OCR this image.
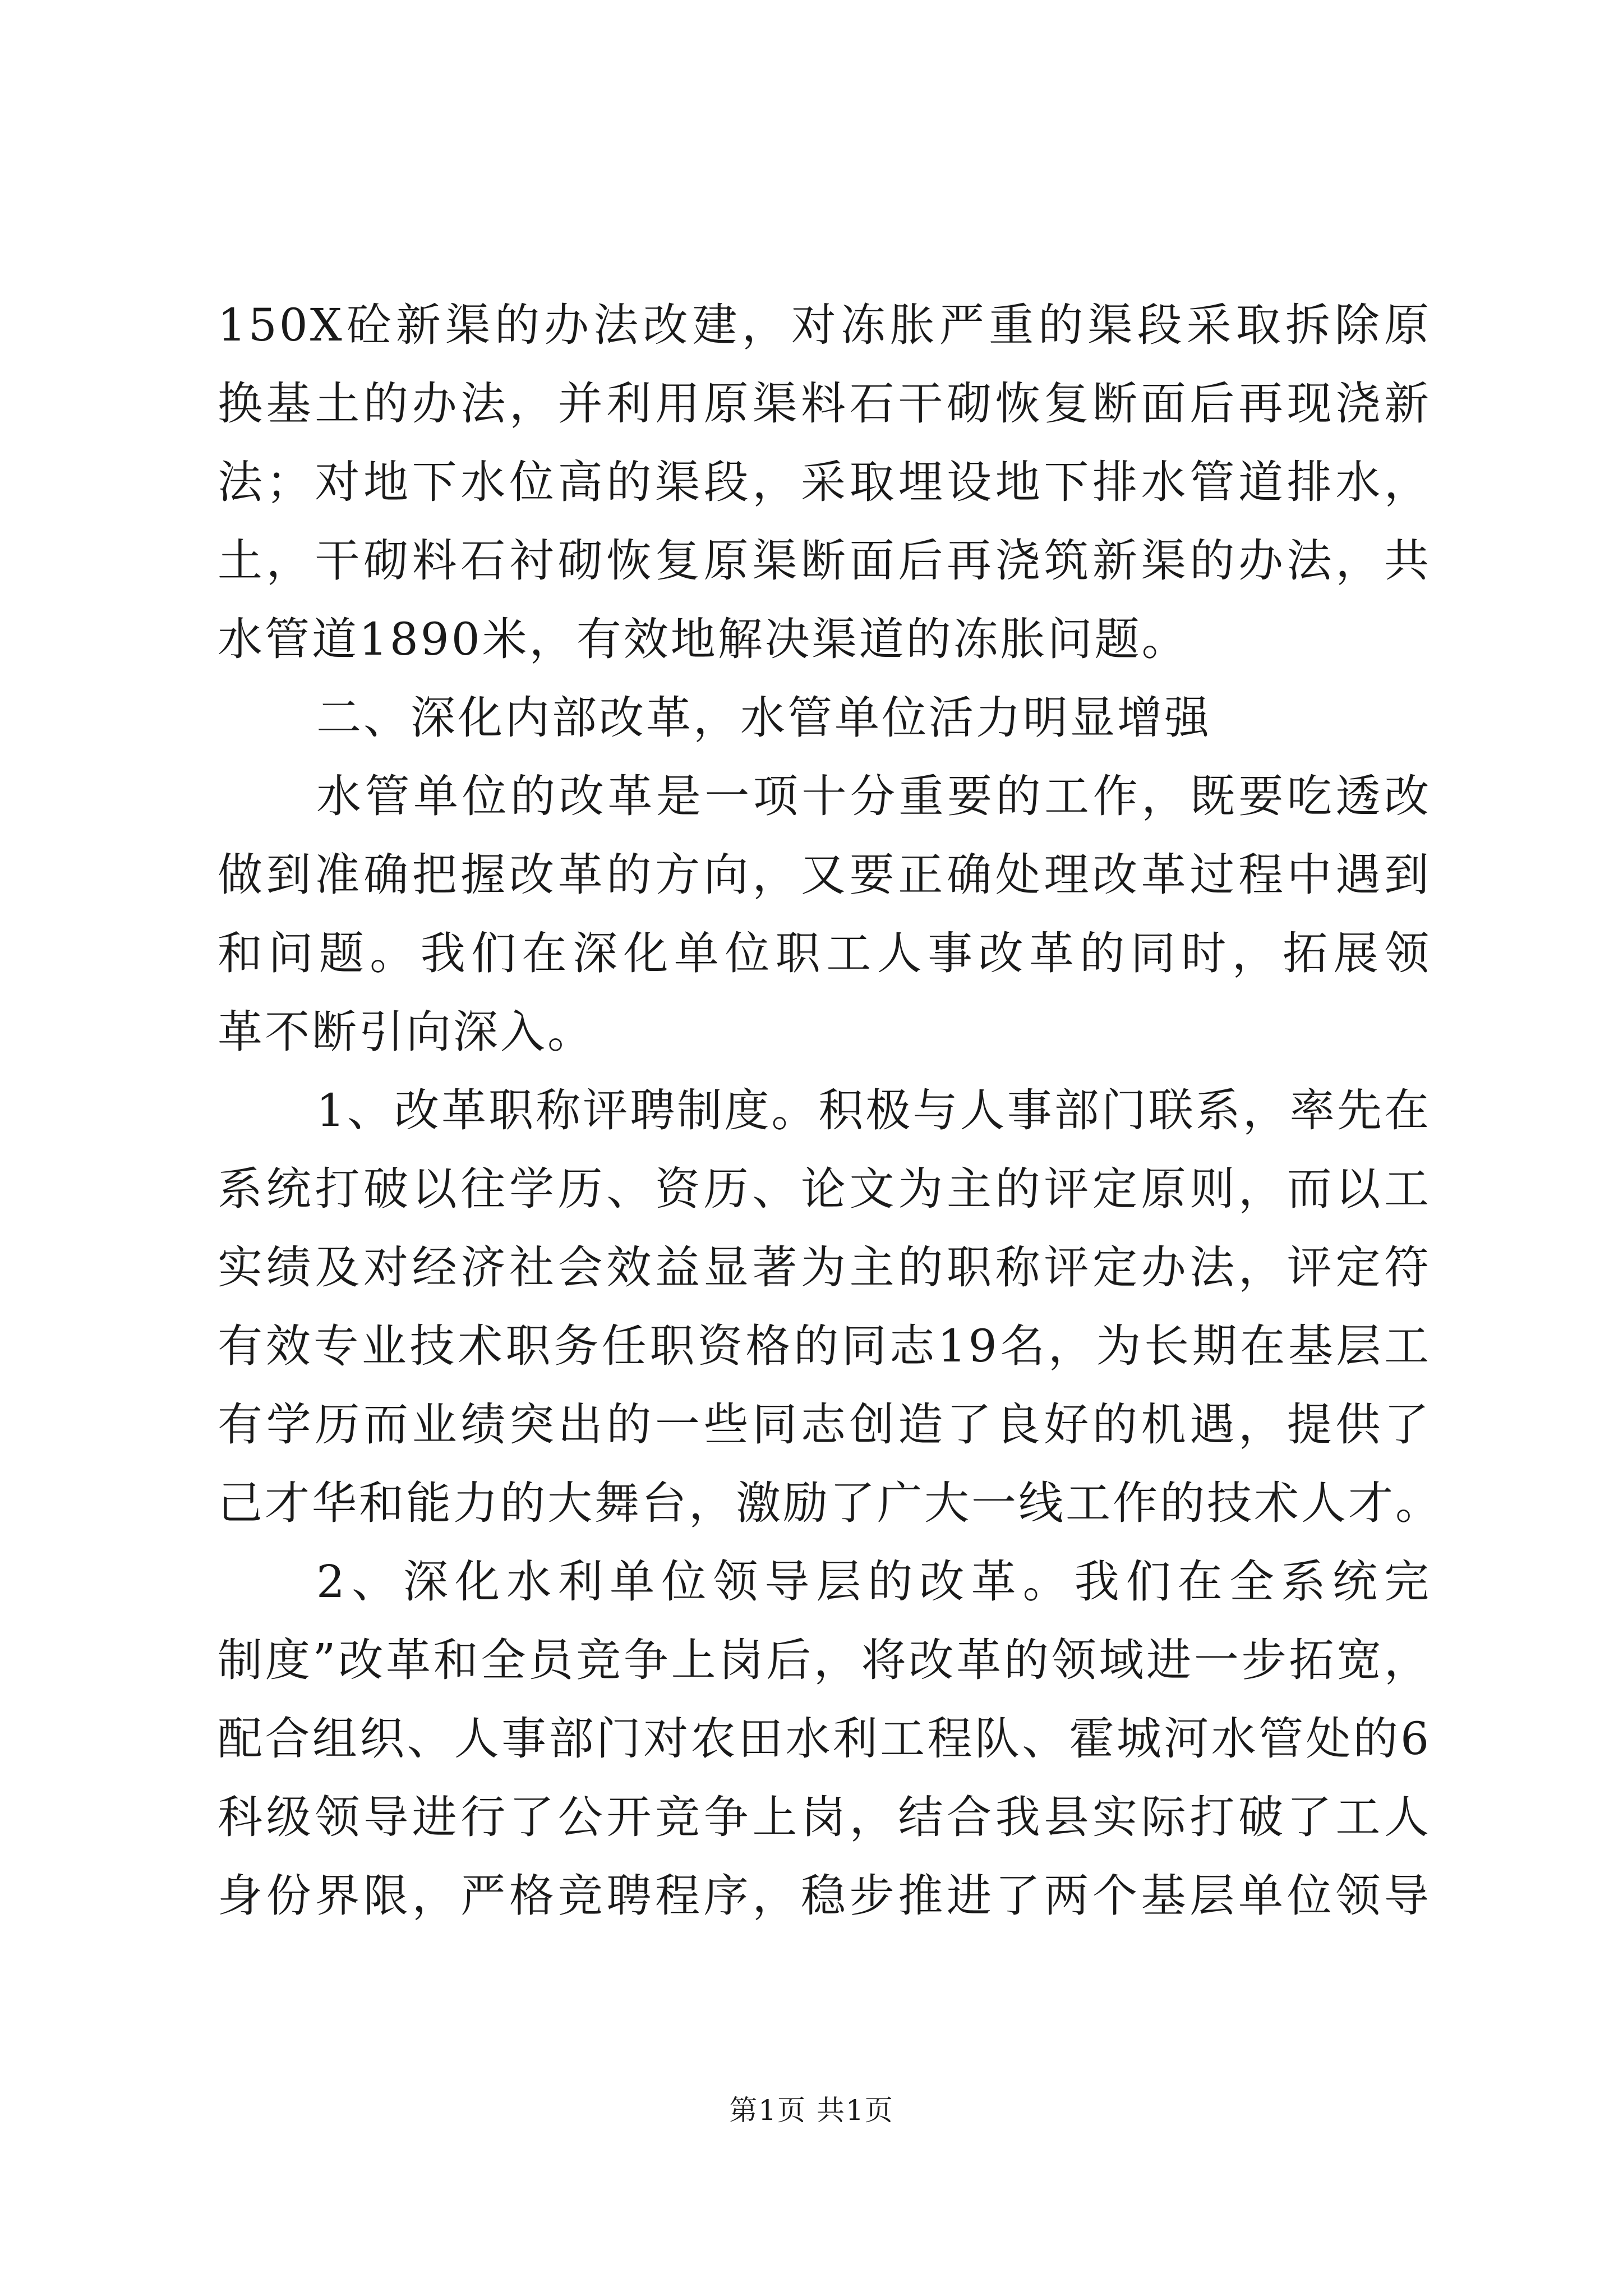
150X砼新渠的办法改建，对冻胀严重的渠段采取拆除原
换基土的办法，并利用原渠料石干砌恢复断面后再现浇新
法；对地下水位高的渠段，采取埋设地下排水管道排水，
土，干砌料石衬砌恢复原渠断面后再浇筑新渠的办法，共
水管道1890米，有效地解决渠道的冻胀问题。
二、深化内部改革，水管单位活力明显增强
水管单位的改革是一项十分重要的工作，既要吃透改
做到准确把握改革的方向，又要正确处理改革过程中遇到
和问题。我们在深化单位职工人事改革的同时，拓展领
革不断引向深入。
1、改革职称评聘制度。积极与人事部门联系，率先在
系统打破以往学历、资历、论文为主的评定原则，而以工
实绩及对经济社会效益显著为主的职称评定办法，评定符
有效专业技术职务任职资格的同志19名，为长期在基层工
有学历而业绩突出的一些同志创造了良好的机遇，提供了
己才华和能力的大舞台，激励了广大一线工作的技术人才。
2、深化水利单位领导层的改革。我们在全系统完
制度”改革和全员竞争上岗后，将改革的领域进一步拓宽，
配合组织、人事部门对农田水利工程队、霍城河水管处的6
科级领导进行了公开竞争上岗，结合我县实际打破了工人
身份界限，严格竞聘程序，稳步推进了两个基层单位领导
第1页 共1页
